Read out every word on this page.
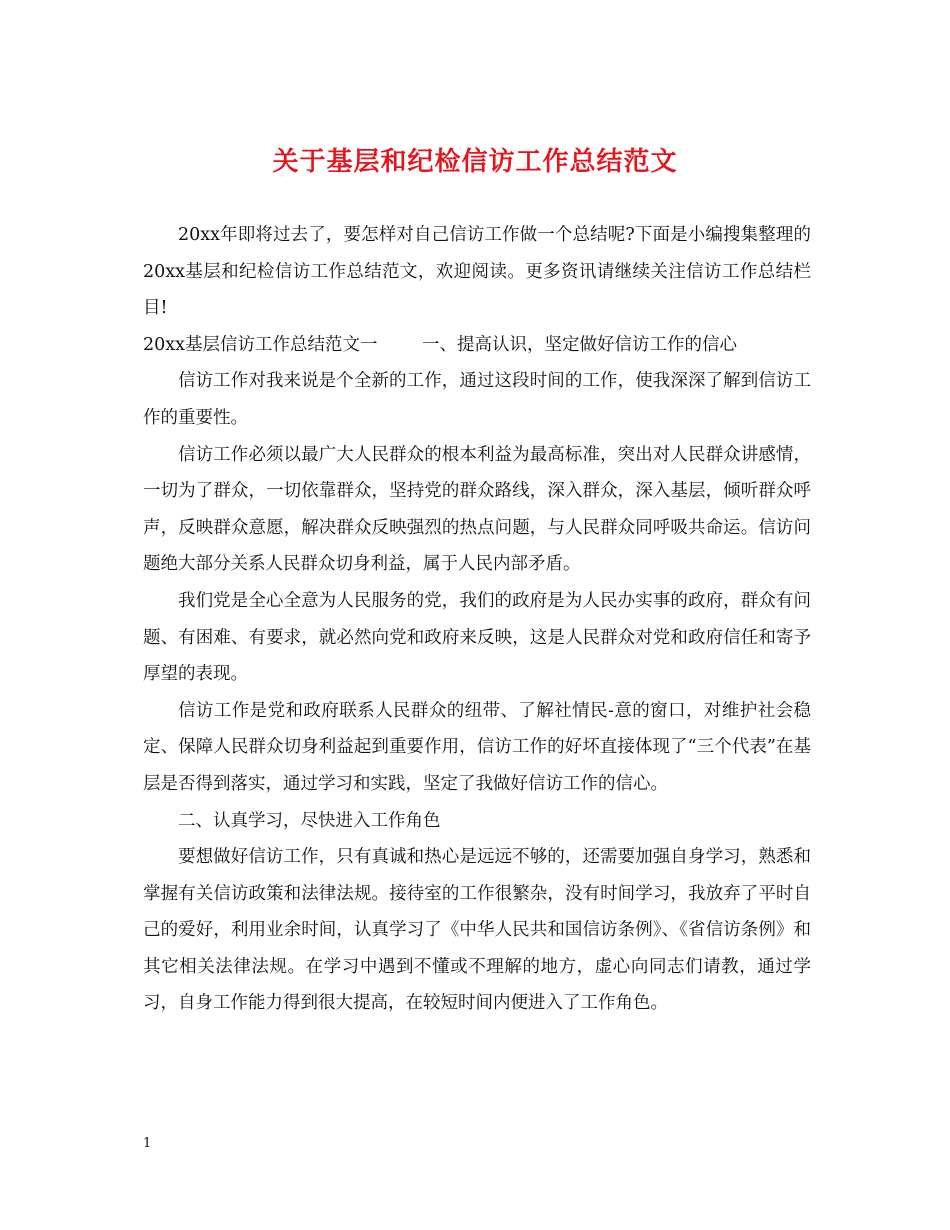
关于基层和纪检信访工作总结范文

20xx年即将过去了，要怎样对自己信访工作做一个总结呢?下面是小编搜集整理的20xx基层和纪检信访工作总结范文，欢迎阅读。更多资讯请继续关注信访工作总结栏目!

20xx基层信访工作总结范文一        一、提高认识，坚定做好信访工作的信心

信访工作对我来说是个全新的工作，通过这段时间的工作，使我深深了解到信访工作的重要性。

信访工作必须以最广大人民群众的根本利益为最高标准，突出对人民群众讲感情，一切为了群众，一切依靠群众，坚持党的群众路线，深入群众，深入基层，倾听群众呼声，反映群众意愿，解决群众反映强烈的热点问题，与人民群众同呼吸共命运。信访问题绝大部分关系人民群众切身利益，属于人民内部矛盾。

我们党是全心全意为人民服务的党，我们的政府是为人民办实事的政府，群众有问题、有困难、有要求，就必然向党和政府来反映，这是人民群众对党和政府信任和寄予厚望的表现。

信访工作是党和政府联系人民群众的纽带、了解社情民-意的窗口，对维护社会稳定、保障人民群众切身利益起到重要作用，信访工作的好坏直接体现了“三个代表”在基层是否得到落实，通过学习和实践，坚定了我做好信访工作的信心。

二、认真学习，尽快进入工作角色

要想做好信访工作，只有真诚和热心是远远不够的，还需要加强自身学习，熟悉和掌握有关信访政策和法律法规。接待室的工作很繁杂，没有时间学习，我放弃了平时自己的爱好，利用业余时间，认真学习了《中华人民共和国信访条例》、《省信访条例》和其它相关法律法规。在学习中遇到不懂或不理解的地方，虚心向同志们请教，通过学习，自身工作能力得到很大提高，在较短时间内便进入了工作角色。

1
